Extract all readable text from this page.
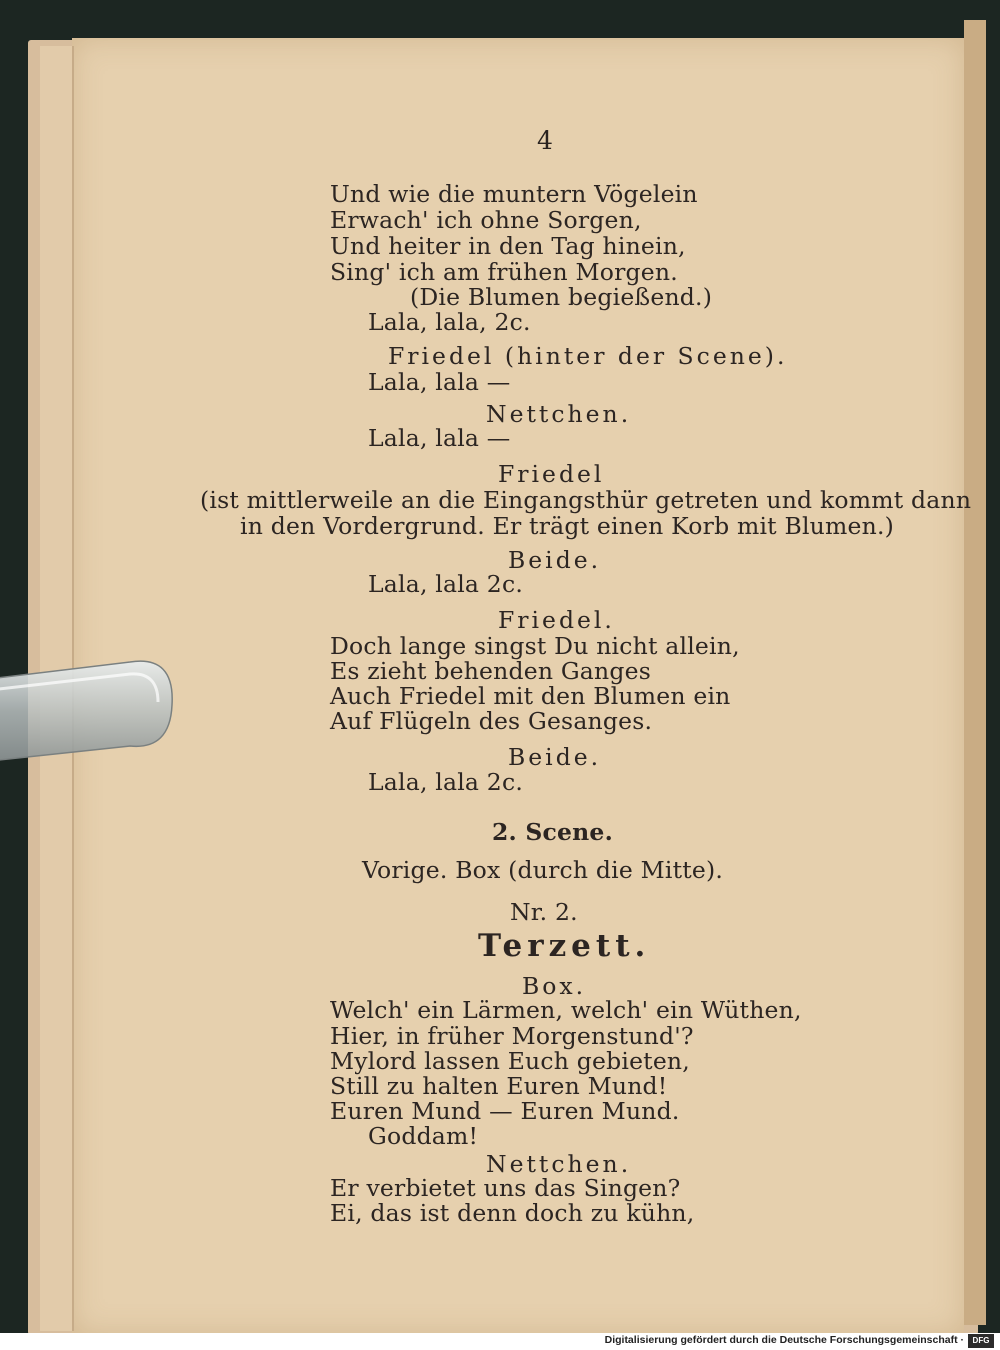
4
Und wie die muntern Vögelein
Erwach' ich ohne Sorgen,
Und heiter in den Tag hinein,
Sing' ich am frühen Morgen.
(Die Blumen begießend.)
Lala, lala, 2c.
Friedel (hinter der Scene).
Lala, lala —
Nettchen.
Lala, lala —
Friedel
(ist mittlerweile an die Eingangsthür getreten und kommt dann
in den Vordergrund. Er trägt einen Korb mit Blumen.)
Beide.
Lala, lala 2c.
Friedel.
Doch lange singst Du nicht allein,
Es zieht behenden Ganges
Auch Friedel mit den Blumen ein
Auf Flügeln des Gesanges.
Beide.
Lala, lala 2c.
2. Scene.
Vorige. Box (durch die Mitte).
Nr. 2.
Terzett.
Box.
Welch' ein Lärmen, welch' ein Wüthen,
Hier, in früher Morgenstund'?
Mylord lassen Euch gebieten,
Still zu halten Euren Mund!
Euren Mund — Euren Mund.
Goddam!
Nettchen.
Er verbietet uns das Singen?
Ei, das ist denn doch zu kühn,
Digitalisierung gefördert durch die Deutsche Forschungsgemeinschaft ·	DFG
